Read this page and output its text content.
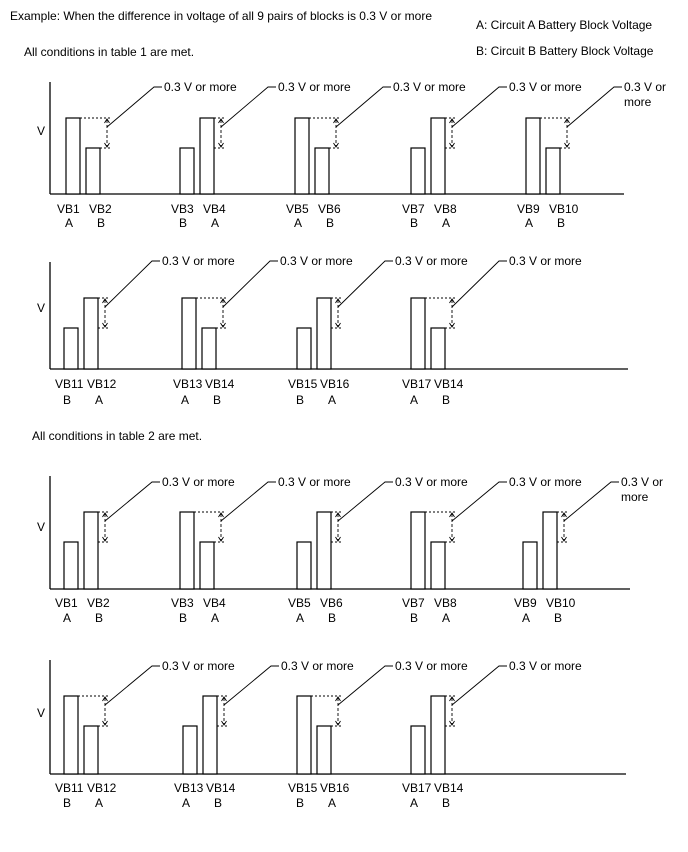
Example: When the difference in voltage of all 9 pairs of blocks is 0.3 V or more
A: Circuit A Battery Block Voltage
B: Circuit B Battery Block Voltage
All conditions in table 1 are met.
All conditions in table 2 are met.
V
0.3 V or more
VB1 VB2
A B
0.3 V or more
VB3 VB4
B A
0.3 V or more
VB5 VB6
A B
0.3 V or more
VB7 VB8
B A
0.3 V or
more
VB9 VB10
A B
V
0.3 V or more
VB11 VB12
B A
0.3 V or more
VB13 VB14
A B
0.3 V or more
VB15 VB16
B A
0.3 V or more
VB17 VB14
A B
V
0.3 V or more
VB1 VB2
A B
0.3 V or more
VB3 VB4
B A
0.3 V or more
VB5 VB6
A B
0.3 V or more
VB7 VB8
B A
0.3 V or
more
VB9 VB10
A B
V
0.3 V or more
VB11 VB12
B A
0.3 V or more
VB13 VB14
A B
0.3 V or more
VB15 VB16
B A
0.3 V or more
VB17 VB14
A B
